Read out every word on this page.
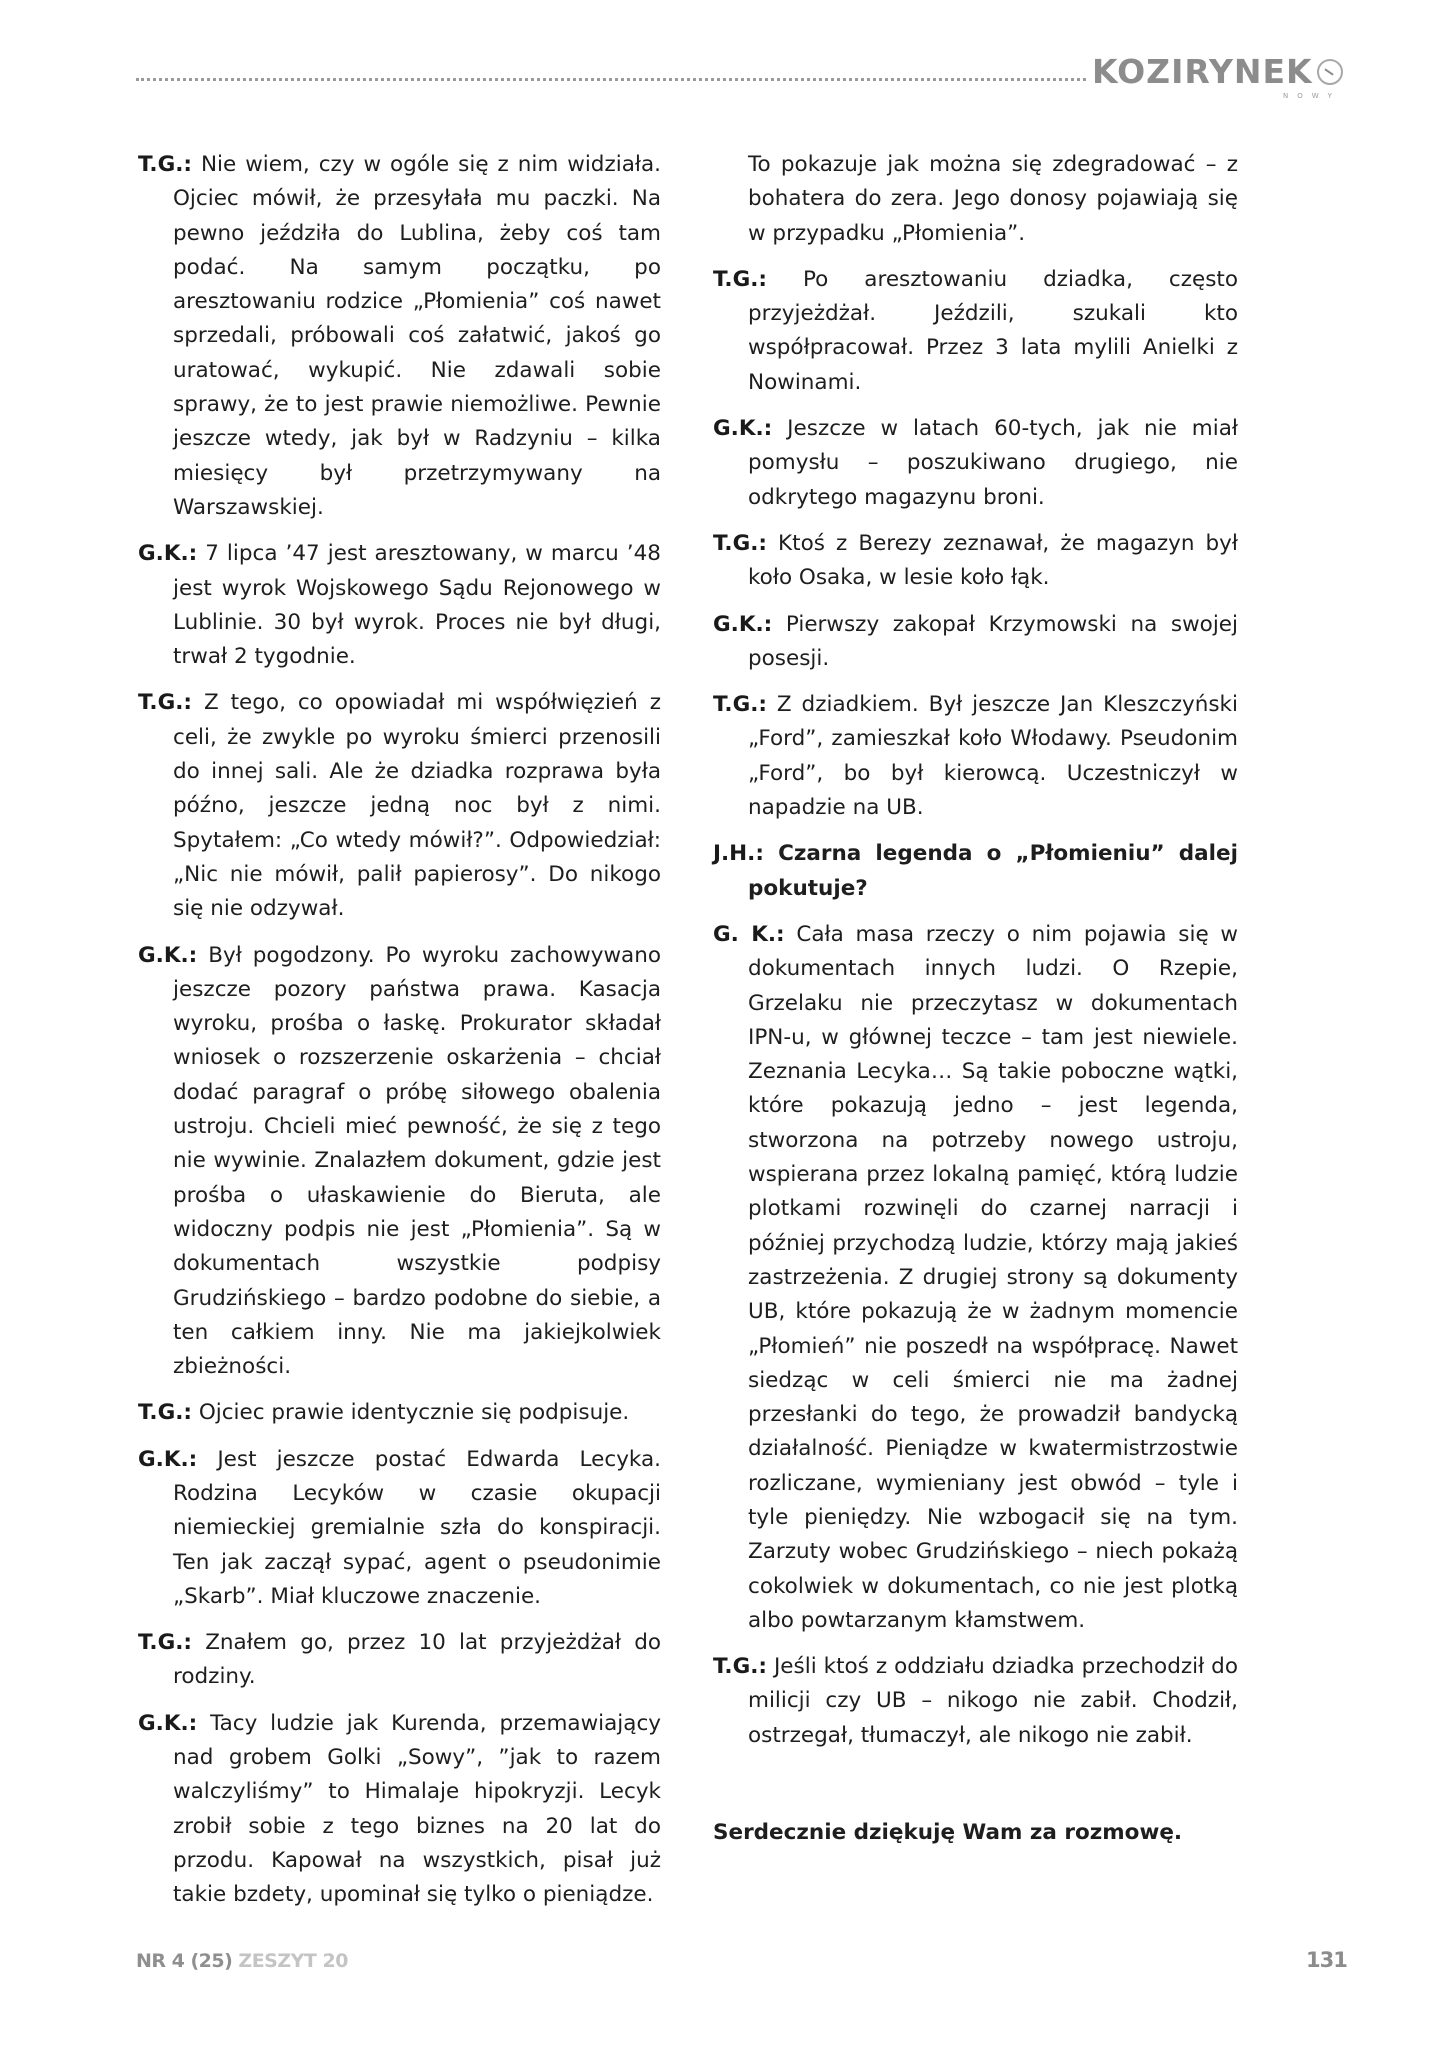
KOZIRYNEK
NOWY

T.G.: Nie wiem, czy w ogóle się z nim widziała. Ojciec mówił, że przesyłała mu paczki. Na pewno jeździła do Lublina, żeby coś tam podać. Na samym początku, po aresztowaniu rodzice „Płomienia” coś nawet sprzedali, próbowali coś załatwić, jakoś go uratować, wykupić. Nie zdawali sobie sprawy, że to jest prawie niemożliwe. Pewnie jeszcze wtedy, jak był w Radzyniu – kilka miesięcy był przetrzymywany na Warszawskiej.

G.K.: 7 lipca ’47 jest aresztowany, w marcu ’48 jest wyrok Wojskowego Sądu Rejonowego w Lublinie. 30 był wyrok. Proces nie był długi, trwał 2 tygodnie.

T.G.: Z tego, co opowiadał mi współwięzień z celi, że zwykle po wyroku śmierci przenosili do innej sali. Ale że dziadka rozprawa była późno, jeszcze jedną noc był z nimi. Spytałem: „Co wtedy mówił?”. Odpowiedział: „Nic nie mówił, palił papierosy”. Do nikogo się nie odzywał.

G.K.: Był pogodzony. Po wyroku zachowywano jeszcze pozory państwa prawa. Kasacja wyroku, prośba o łaskę. Prokurator składał wniosek o rozszerzenie oskarżenia – chciał dodać paragraf o próbę siłowego obalenia ustroju. Chcieli mieć pewność, że się z tego nie wywinie. Znalazłem dokument, gdzie jest prośba o ułaskawienie do Bieruta, ale widoczny podpis nie jest „Płomienia”. Są w dokumentach wszystkie podpisy Grudzińskiego – bardzo podobne do siebie, a ten całkiem inny. Nie ma jakiejkolwiek zbieżności.

T.G.: Ojciec prawie identycznie się podpisuje.

G.K.: Jest jeszcze postać Edwarda Lecyka. Rodzina Lecyków w czasie okupacji niemieckiej gremialnie szła do konspiracji. Ten jak zaczął sypać, agent o pseudonimie „Skarb”. Miał kluczowe znaczenie.

T.G.: Znałem go, przez 10 lat przyjeżdżał do rodziny.

G.K.: Tacy ludzie jak Kurenda, przemawiający nad grobem Golki „Sowy”, ”jak to razem walczyliśmy” to Himalaje hipokryzji. Lecyk zrobił sobie z tego biznes na 20 lat do przodu. Kapował na wszystkich, pisał już takie bzdety, upominał się tylko o pieniądze.

To pokazuje jak można się zdegradować – z bohatera do zera. Jego donosy pojawiają się w przypadku „Płomienia”.

T.G.: Po aresztowaniu dziadka, często przyjeżdżał. Jeździli, szukali kto współpracował. Przez 3 lata mylili Anielki z Nowinami.

G.K.: Jeszcze w latach 60-tych, jak nie miał pomysłu – poszukiwano drugiego, nie odkrytego magazynu broni.

T.G.: Ktoś z Berezy zeznawał, że magazyn był koło Osaka, w lesie koło łąk.

G.K.: Pierwszy zakopał Krzymowski na swojej posesji.

T.G.: Z dziadkiem. Był jeszcze Jan Kleszczyński „Ford”, zamieszkał koło Włodawy. Pseudonim „Ford”, bo był kierowcą. Uczestniczył w napadzie na UB.

J.H.: Czarna legenda o „Płomieniu” dalej pokutuje?

G. K.: Cała masa rzeczy o nim pojawia się w dokumentach innych ludzi. O Rzepie, Grzelaku nie przeczytasz w dokumentach IPN-u, w głównej teczce – tam jest niewiele. Zeznania Lecyka… Są takie poboczne wątki, które pokazują jedno – jest legenda, stworzona na potrzeby nowego ustroju, wspierana przez lokalną pamięć, którą ludzie plotkami rozwinęli do czarnej narracji i później przychodzą ludzie, którzy mają jakieś zastrzeżenia. Z drugiej strony są dokumenty UB, które pokazują że w żadnym momencie „Płomień” nie poszedł na współpracę. Nawet siedząc w celi śmierci nie ma żadnej przesłanki do tego, że prowadził bandycką działalność. Pieniądze w kwatermistrzostwie rozliczane, wymieniany jest obwód – tyle i tyle pieniędzy. Nie wzbogacił się na tym. Zarzuty wobec Grudzińskiego – niech pokażą cokolwiek w dokumentach, co nie jest plotką albo powtarzanym kłamstwem.

T.G.: Jeśli ktoś z oddziału dziadka przechodził do milicji czy UB – nikogo nie zabił. Chodził, ostrzegał, tłumaczył, ale nikogo nie zabił.

Serdecznie dziękuję Wam za rozmowę.
NR 4 (25) ZESZYT 20	131
